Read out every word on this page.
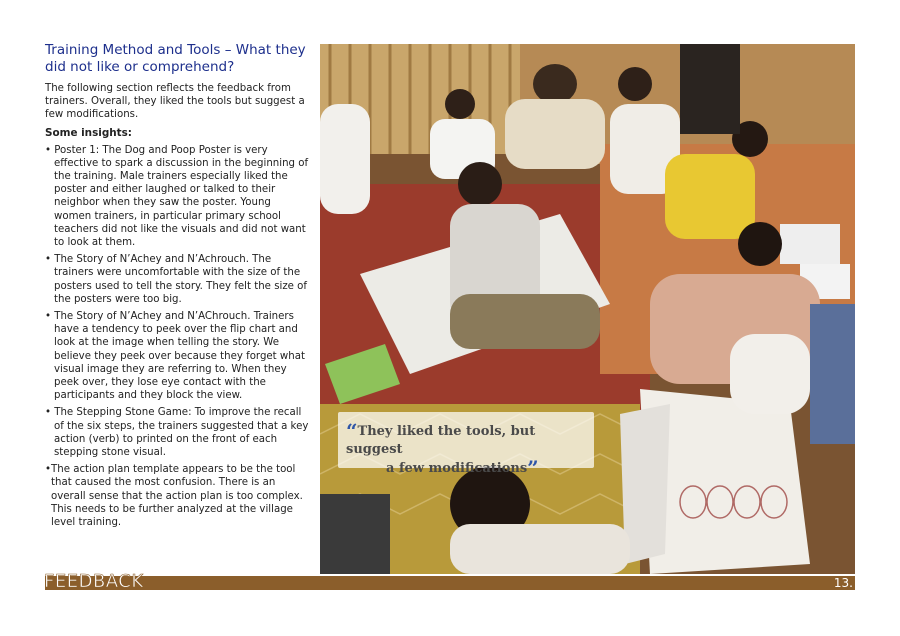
Training Method and Tools – What they did not like or comprehend?

The following section reflects the feedback from trainers. Overall, they liked the tools but suggest a few modifications.

Some insights:

• Poster 1: The Dog and Poop Poster is very effective to spark a discussion in the beginning of the training. Male trainers especially liked the poster and either laughed or talked to their neighbor when they saw the poster. Young women trainers, in particular primary school teachers did not like the visuals and did not want to look at them.

• The Story of N’Achey and N’Achrouch. The trainers were uncomfortable with the size of the posters used to tell the story. They felt the size of the posters were too big.

• The Story of N’Achey and N’AChrouch. Trainers have a tendency to peek over the flip chart and look at the image when telling the story. We believe they peek over because they forget what visual image they are referring to. When they peek over, they lose eye contact with the participants and they block the view.

• The Stepping Stone Game: To improve the recall of the six steps, the trainers suggested that a key action (verb) to printed on the front of each stepping stone visual.

•The action plan template appears to be the tool that caused the most confusion. There is an overall sense that the action plan is too complex. This needs to be further analyzed at the village level training.

“They liked the tools, but suggest
a few modifications”
FEEDBACK	13.
